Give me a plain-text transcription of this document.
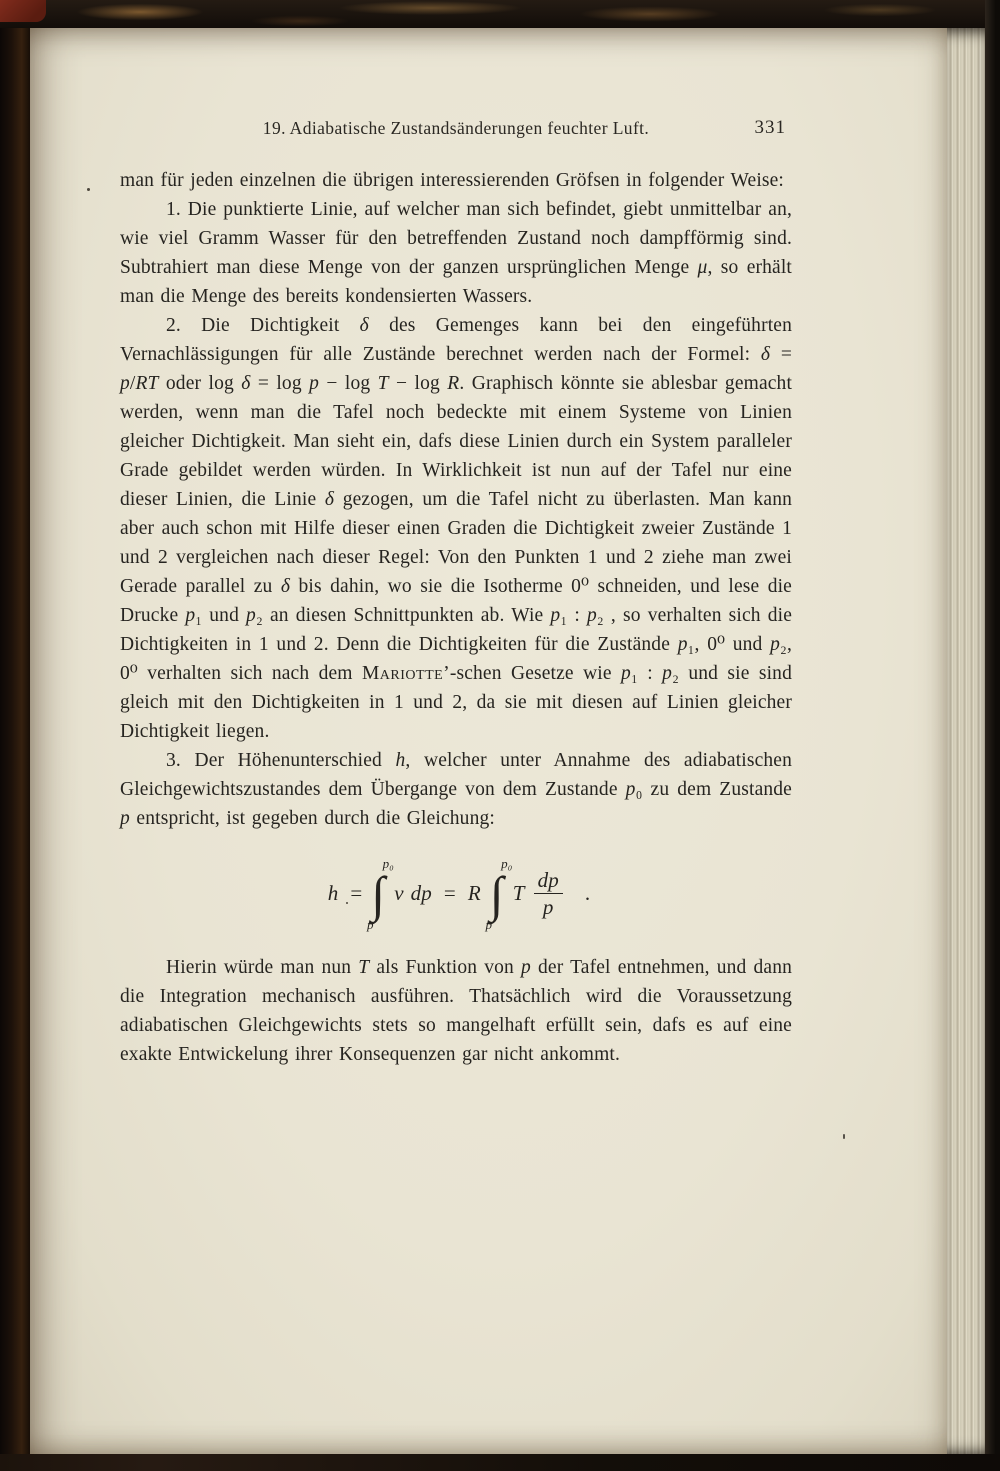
19. Adiabatische Zustandsänderungen feuchter Luft.	331

man für jeden einzelnen die übrigen interessierenden Gröfsen in folgender Weise:

1. Die punktierte Linie, auf welcher man sich befindet, giebt unmittelbar an, wie viel Gramm Wasser für den betreffenden Zustand noch dampfförmig sind. Subtrahiert man diese Menge von der ganzen ursprünglichen Menge μ, so erhält man die Menge des bereits kondensierten Wassers.

2. Die Dichtigkeit δ des Gemenges kann bei den eingeführten Vernachlässigungen für alle Zustände berechnet werden nach der Formel: δ = p/RT oder log δ = log p − log T − log R. Graphisch könnte sie ablesbar gemacht werden, wenn man die Tafel noch bedeckte mit einem Systeme von Linien gleicher Dichtigkeit. Man sieht ein, dafs diese Linien durch ein System paralleler Grade gebildet werden würden. In Wirklichkeit ist nun auf der Tafel nur eine dieser Linien, die Linie δ gezogen, um die Tafel nicht zu überlasten. Man kann aber auch schon mit Hilfe dieser einen Graden die Dichtigkeit zweier Zustände 1 und 2 vergleichen nach dieser Regel: Von den Punkten 1 und 2 ziehe man zwei Gerade parallel zu δ bis dahin, wo sie die Isotherme 0⁰ schneiden, und lese die Drucke p₁ und p₂ an diesen Schnittpunkten ab. Wie p₁ : p₂ , so verhalten sich die Dichtigkeiten in 1 und 2. Denn die Dichtigkeiten für die Zustände p₁, 0⁰ und p₂, 0⁰ verhalten sich nach dem Mariotte’-schen Gesetze wie p₁ : p₂ und sie sind gleich mit den Dichtigkeiten in 1 und 2, da sie mit diesen auf Linien gleicher Dichtigkeit liegen.

3. Der Höhenunterschied h, welcher unter Annahme des adiabatischen Gleichgewichtszustandes dem Übergange von dem Zustande p₀ zu dem Zustande p entspricht, ist gegeben durch die Gleichung:

h =
p₀
∫
p
v dp = R
p₀
∫
p
T $\frac{dp}{p}$ .

Hierin würde man nun T als Funktion von p der Tafel entnehmen, und dann die Integration mechanisch ausführen. Thatsächlich wird die Voraussetzung adiabatischen Gleichgewichts stets so mangelhaft erfüllt sein, dafs es auf eine exakte Entwickelung ihrer Konsequenzen gar nicht ankommt.
